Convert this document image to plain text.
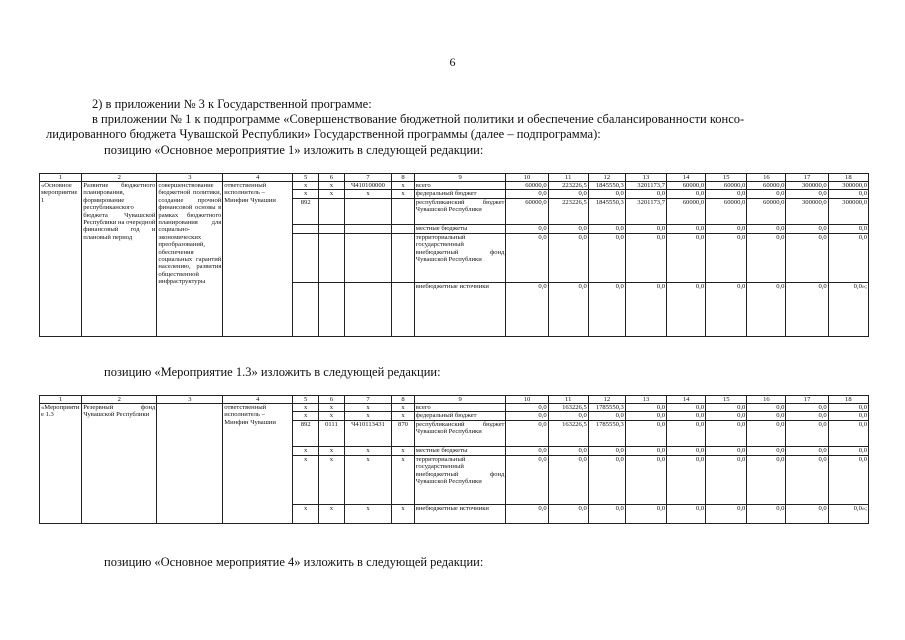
6
2) в приложении № 3 к Государственной программе:
в приложении № 1 к подпрограмме «Совершенствование бюджетной политики и обеспечение сбалансированности консо-
лидированного бюджета Чувашской Республики» Государственной программы (далее – подпрограмма):
позицию «Основное мероприятие 1» изложить в следующей редакции:
1	2	3	4	5	6	7	8	9	10	11	12	13	14	15	16	17	18
«Основное мероприятие 1	Развитие бюджетного планирования, формирование республиканского бюджета Чувашской Республики на очередной финансовый год и плановый период	совершенствование бюджетной политики, создание прочной финансовой основы в рамках бюджетного планирования для социально-экономических преобразований, обеспечения социальных гарантий населению, развития общественной инфраструктуры	ответственный исполнитель –
Минфин Чувашии	x	x	Ч410100000	x	всего	60000,0	223226,5	1845550,3	3201173,7	60000,0	60000,0	60000,0	300000,0	300000,0
				x	x	x	x	федеральный бюджет	0,0	0,0	0,0	0,0	0,0	0,0	0,0	0,0	0,0
				892				республиканский бюджет Чувашской Республики	60000,0	223226,5	1845550,3	3201173,7	60000,0	60000,0	60000,0	300000,0	300000,0
								местные бюджеты	0,0	0,0	0,0	0,0	0,0	0,0	0,0	0,0	0,0
								территориальный государственный внебюджетный фонд Чувашской Республики	0,0	0,0	0,0	0,0	0,0	0,0	0,0	0,0	0,0
								внебюджетные источники	0,0	0,0	0,0	0,0	0,0	0,0	0,0	0,0	0,0»;
позицию «Мероприятие 1.3» изложить в следующей редакции:
1	2	3	4	5	6	7	8	9	10	11	12	13	14	15	16	17	18
«Мероприятие 1.3	Резервный фонд Чувашской Республики		ответственный исполнитель –
Минфин Чувашии	x	x	x	x	всего	0,0	163226,5	1785550,3	0,0	0,0	0,0	0,0	0,0	0,0
				x	x	x	x	федеральный бюджет	0,0	0,0	0,0	0,0	0,0	0,0	0,0	0,0	0,0
				892	0111	Ч410113431	870	республиканский бюджет Чувашской Республики	0,0	163226,5	1785550,3	0,0	0,0	0,0	0,0	0,0	0,0
				x	x	x	x	местные бюджеты	0,0	0,0	0,0	0,0	0,0	0,0	0,0	0,0	0,0
				x	x	x	x	территориальный государственный внебюджетный фонд Чувашской Республики	0,0	0,0	0,0	0,0	0,0	0,0	0,0	0,0	0,0
				x	x	x	x	внебюджетные источники	0,0	0,0	0,0	0,0	0,0	0,0	0,0	0,0	0,0»;
позицию «Основное мероприятие 4» изложить в следующей редакции:
